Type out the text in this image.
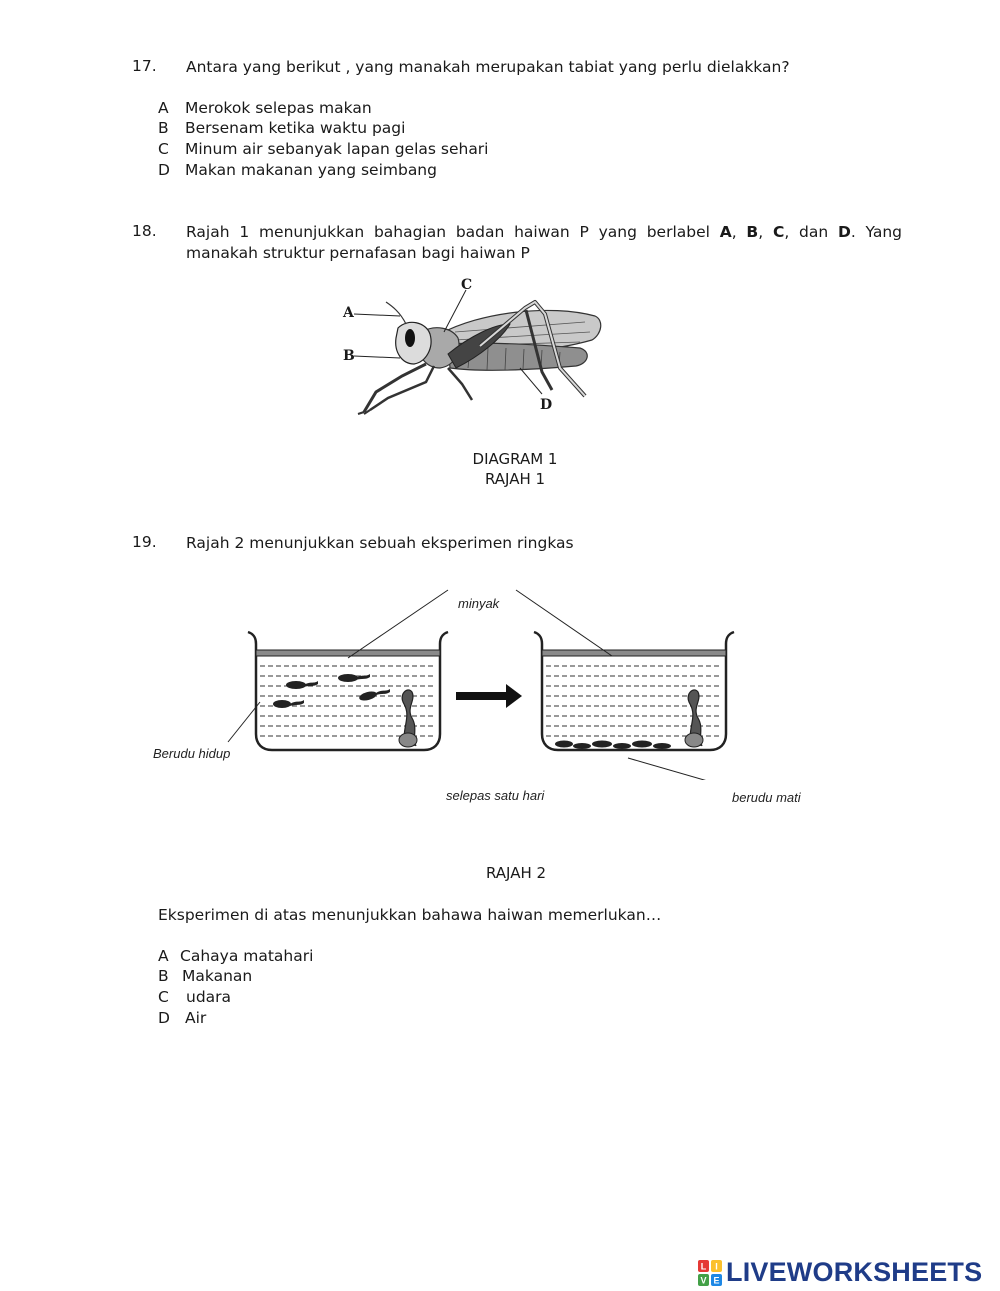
17. Antara yang berikut , yang manakah merupakan tabiat yang perlu dielakkan?
A Merokok selepas makan
B Bersenam ketika waktu pagi
C Minum air sebanyak lapan gelas sehari
D Makan makanan yang seimbang
18. Rajah 1 menunjukkan bahagian badan haiwan P yang berlabel A, B, C, dan D. Yang
manakah struktur pernafasan bagi haiwan P
A
B
C
D
DIAGRAM 1
RAJAH 1
19. Rajah 2 menunjukkan sebuah eksperimen ringkas
minyak
Berudu hidup
selepas satu hari	berudu mati
RAJAH 2
Eksperimen di atas menunjukkan bahawa haiwan memerlukan…
A Cahaya matahari
B Makanan
C udara
D Air
L I
V E LIVEWORKSHEETS
